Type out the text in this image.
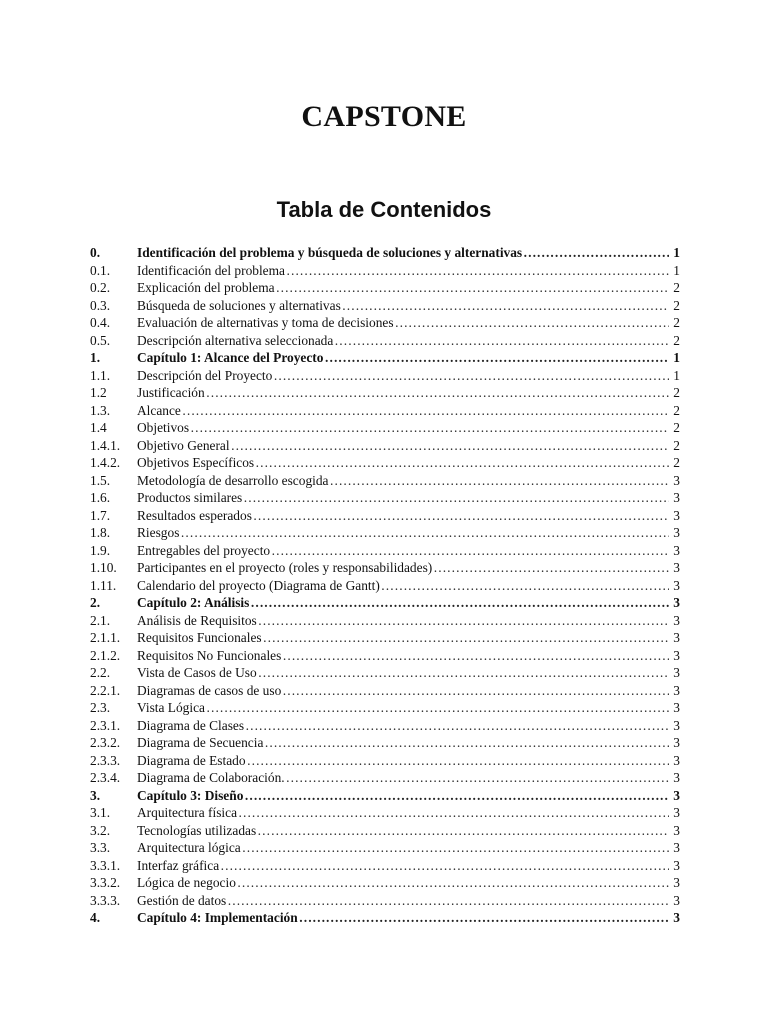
CAPSTONE
Tabla de Contenidos
0.	Identificación del problema y búsqueda de soluciones y alternativas ……………………………………………………………………………………………………………………………………………………………………………………………………	1
0.1.	Identificación del problema ……………………………………………………………………………………………………………………………………………………………………………………………………	1
0.2.	Explicación del problema ……………………………………………………………………………………………………………………………………………………………………………………………………	2
0.3.	Búsqueda de soluciones y alternativas ……………………………………………………………………………………………………………………………………………………………………………………………………	2
0.4.	Evaluación de alternativas y toma de decisiones ……………………………………………………………………………………………………………………………………………………………………………………………………	2
0.5.	Descripción alternativa seleccionada ……………………………………………………………………………………………………………………………………………………………………………………………………	2
1.	Capítulo 1: Alcance del Proyecto ……………………………………………………………………………………………………………………………………………………………………………………………………	1
1.1.	Descripción del Proyecto ……………………………………………………………………………………………………………………………………………………………………………………………………	1
1.2	Justificación ……………………………………………………………………………………………………………………………………………………………………………………………………	2
1.3.	Alcance ……………………………………………………………………………………………………………………………………………………………………………………………………	2
1.4	Objetivos ……………………………………………………………………………………………………………………………………………………………………………………………………	2
1.4.1.	Objetivo General ……………………………………………………………………………………………………………………………………………………………………………………………………	2
1.4.2.	Objetivos Específicos ……………………………………………………………………………………………………………………………………………………………………………………………………	2
1.5.	Metodología de desarrollo escogida ……………………………………………………………………………………………………………………………………………………………………………………………………	3
1.6.	Productos similares ……………………………………………………………………………………………………………………………………………………………………………………………………	3
1.7.	Resultados esperados ……………………………………………………………………………………………………………………………………………………………………………………………………	3
1.8.	Riesgos ……………………………………………………………………………………………………………………………………………………………………………………………………	3
1.9.	Entregables del proyecto ……………………………………………………………………………………………………………………………………………………………………………………………………	3
1.10.	Participantes en el proyecto (roles y responsabilidades) ……………………………………………………………………………………………………………………………………………………………………………………………………	3
1.11.	Calendario del proyecto (Diagrama de Gantt) ……………………………………………………………………………………………………………………………………………………………………………………………………	3
2.	Capítulo 2: Análisis ……………………………………………………………………………………………………………………………………………………………………………………………………	3
2.1.	Análisis de Requisitos ……………………………………………………………………………………………………………………………………………………………………………………………………	3
2.1.1.	Requisitos Funcionales ……………………………………………………………………………………………………………………………………………………………………………………………………	3
2.1.2.	Requisitos No Funcionales ……………………………………………………………………………………………………………………………………………………………………………………………………	3
2.2.	Vista de Casos de Uso ……………………………………………………………………………………………………………………………………………………………………………………………………	3
2.2.1.	Diagramas de casos de uso ……………………………………………………………………………………………………………………………………………………………………………………………………	3
2.3.	Vista Lógica ……………………………………………………………………………………………………………………………………………………………………………………………………	3
2.3.1.	Diagrama de Clases ……………………………………………………………………………………………………………………………………………………………………………………………………	3
2.3.2.	Diagrama de Secuencia ……………………………………………………………………………………………………………………………………………………………………………………………………	3
2.3.3.	Diagrama de Estado ……………………………………………………………………………………………………………………………………………………………………………………………………	3
2.3.4.	Diagrama de Colaboración. ……………………………………………………………………………………………………………………………………………………………………………………………………	3
3.	Capítulo 3: Diseño ……………………………………………………………………………………………………………………………………………………………………………………………………	3
3.1.	Arquitectura física ……………………………………………………………………………………………………………………………………………………………………………………………………	3
3.2.	Tecnologías utilizadas ……………………………………………………………………………………………………………………………………………………………………………………………………	3
3.3.	Arquitectura lógica ……………………………………………………………………………………………………………………………………………………………………………………………………	3
3.3.1.	Interfaz gráfica ……………………………………………………………………………………………………………………………………………………………………………………………………	3
3.3.2.	Lógica de negocio ……………………………………………………………………………………………………………………………………………………………………………………………………	3
3.3.3.	Gestión de datos ……………………………………………………………………………………………………………………………………………………………………………………………………	3
4.	Capítulo 4: Implementación ……………………………………………………………………………………………………………………………………………………………………………………………………	3
